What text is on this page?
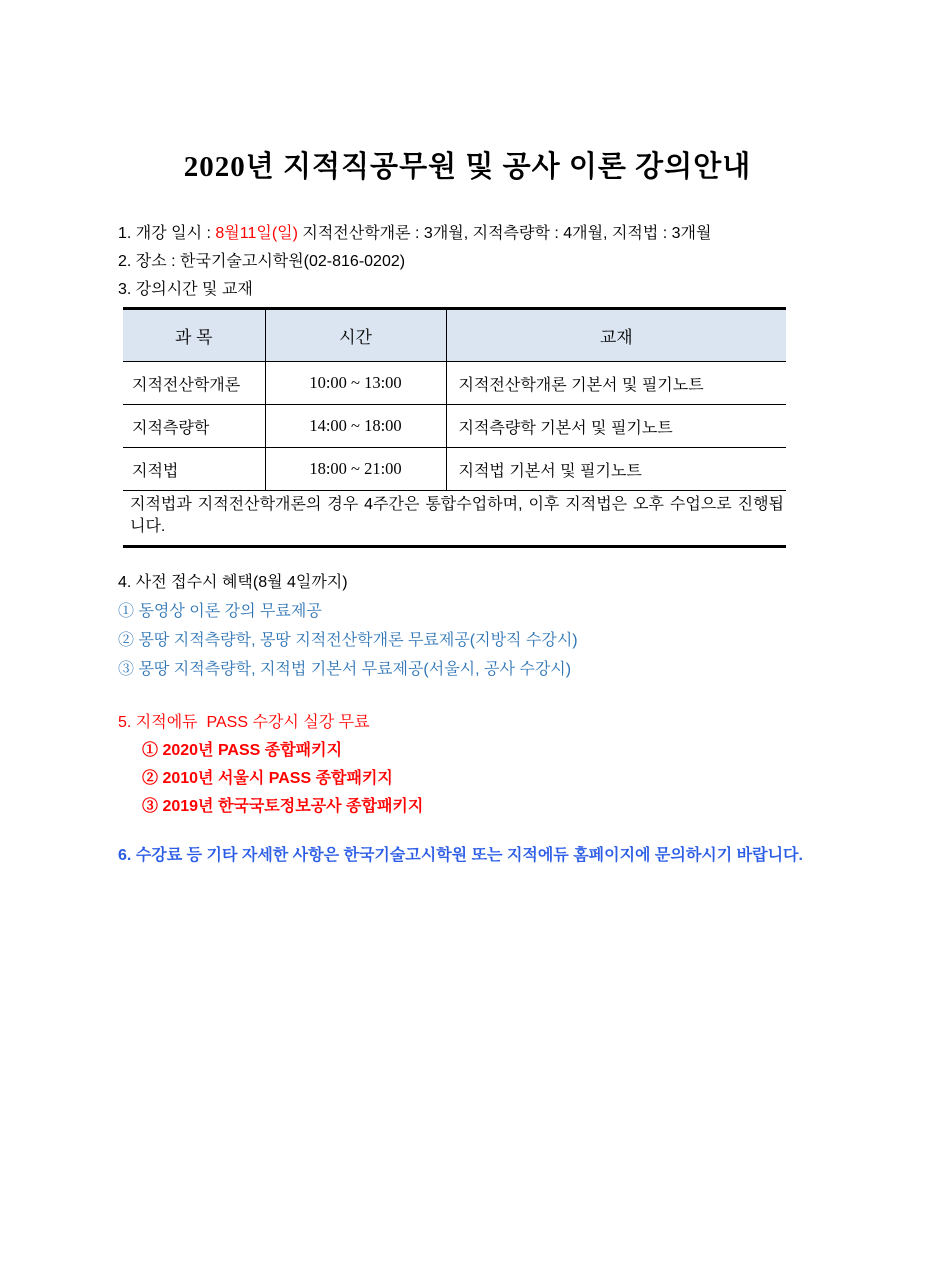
2020년 지적직공무원 및 공사 이론 강의안내
1. 개강 일시 : 8월11일(일) 지적전산학개론 : 3개월, 지적측량학 : 4개월, 지적법 : 3개월
2. 장소 : 한국기술고시학원(02-816-0202)
3. 강의시간 및 교재
과 목	시간	교재
지적전산학개론	10:00 ~ 13:00	지적전산학개론 기본서 및 필기노트
지적측량학	14:00 ~ 18:00	지적측량학 기본서 및 필기노트
지적법	18:00 ~ 21:00	지적법 기본서 및 필기노트
지적법과 지적전산학개론의 경우 4주간은 통합수업하며, 이후 지적법은 오후 수업으로 진행됩니다.		
4. 사전 접수시 혜택(8월 4일까지)
① 동영상 이론 강의 무료제공
② 몽땅 지적측량학, 몽땅 지적전산학개론 무료제공(지방직 수강시)
③ 몽땅 지적측량학, 지적법 기본서 무료제공(서울시, 공사 수강시)
5. 지적에듀  PASS 수강시 실강 무료
① 2020년 PASS 종합패키지
② 2010년 서울시 PASS 종합패키지
③ 2019년 한국국토정보공사 종합패키지
6. 수강료 등 기타 자세한 사항은 한국기술고시학원 또는 지적에듀 홈페이지에 문의하시기 바랍니다.
